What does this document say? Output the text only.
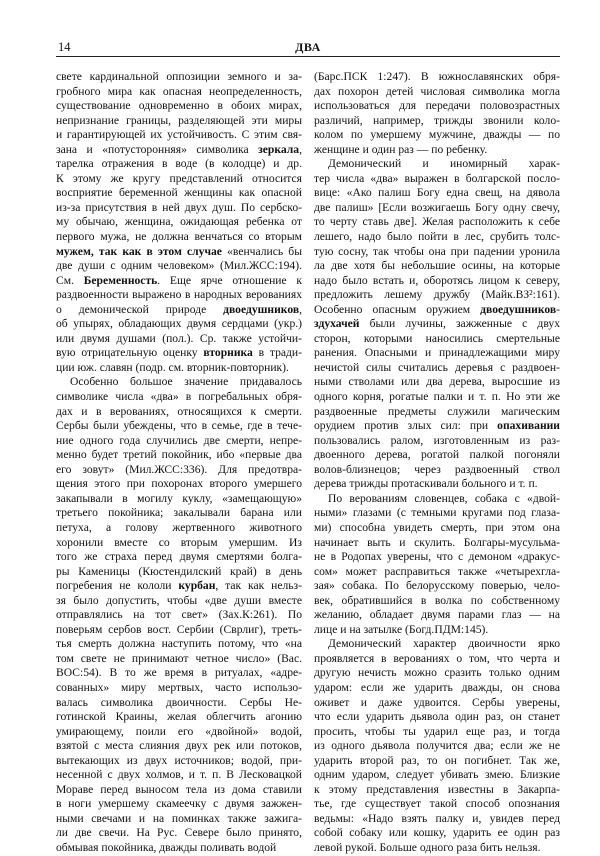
14	ДВА
свете кардинальной оппозиции земного и за-
гробного мира как опасная неопределенность,
существование одновременно в обоих мирах,
непризнание границы, разделяющей эти миры
и гарантирующей их устойчивость. С этим свя-
зана и «потусторонняя» символика зеркала,
тарелка отражения в воде (в колодце) и др.
К этому же кругу представлений относится
восприятие беременной женщины как опасной
из-за присутствия в ней двух душ. По сербско-
му обычаю, женщина, ожидающая ребенка от
первого мужа, не должна венчаться со вторым
мужем, так как в этом случае «венчались бы
две души с одним человеком» (Мил.ЖСС:194).
См. Беременность. Еще ярче отношение к
раздвоенности выражено в народных верованиях
о демонической природе двоедушников,
об упырях, обладающих двумя сердцами (укр.)
или двумя душами (пол.). Ср. также устойчи-
вую отрицательную оценку вторника в тради-
ции юж. славян (подр. см. вторник-повторник).
Особенно большое значение придавалось
символике числа «два» в погребальных обря-
дах и в верованиях, относящихся к смерти.
Сербы были убеждены, что в семье, где в тече-
ние одного года случились две смерти, непре-
менно будет третий покойник, ибо «первые два
его зовут» (Мил.ЖСС:336). Для предотвра-
щения этого при похоронах второго умершего
закапывали в могилу куклу, «замещающую»
третьего покойника; закалывали барана или
петуха, а голову жертвенного животного
хоронили вместе со вторым умершим. Из
того же страха перед двумя смертями болга-
ры Каменицы (Кюстендилский край) в день
погребения не кололи курбан, так как нельз-
зя было допустить, чтобы «две души вместе
отправлялись на тот свет» (Зах.К:261). По
поверьям сербов вост. Сербии (Сврлиг), треть-
тья смерть должна наступить потому, что «на
том свете не принимают четное число» (Вас.
ВОС:54). В то же время в ритуалах, «адре-
сованных» миру мертвых, часто использо-
валась символика двоичности. Сербы Не-
готинской Краины, желая облегчить агонию
умирающему, поили его «двойной» водой,
взятой с места слияния двух рек или потоков,
вытекающих из двух источников; водой, при-
несенной с двух холмов, и т. п. В Лесковацкой
Мораве перед выносом тела из дома ставили
в ноги умершему скамеечку с двумя зажжен-
ными свечами и на поминках также зажига-
ли две свечи. На Рус. Севере было принято,
обмывая покойника, дважды поливать водой
(Барс.ПСК 1:247). В южнославянских обря-
дах похорон детей числовая символика могла
использоваться для передачи половозрастных
различий, например, трижды звонили коло-
колом по умершему мужчине, дважды — по
женщине и один раз — по ребенку.
Демонический и иномирный харак-
тер числа «два» выражен в болгарской посло-
вице: «Ако палиш Богу една свещ, на дявола
две палиш» [Если возжигаешь Богу одну свечу,
то черту ставь две]. Желая расположить к себе
лешего, надо было пойти в лес, срубить толс-
тую сосну, так чтобы она при падении уронила
ла две хотя бы небольшие осины, на которые
надо было встать и, оборотясь лицом к северу,
предложить лешему дружбу (Майк.ВЗ²:161).
Особенно опасным оружием двоедушников-
здухачей были лучины, зажженные с двух
сторон, которыми наносились смертельные
ранения. Опасными и принадлежащими миру
нечистой силы считались деревья с раздвоен-
ными стволами или два дерева, выросшие из
одного корня, рогатые палки и т. п. Но эти же
раздвоенные предметы служили магическим
орудием против злых сил: при опахивании
пользовались ралом, изготовленным из раз-
двоенного дерева, рогатой палкой погоняли
волов-близнецов; через раздвоенный ствол
дерева трижды протаскивали больного и т. п.
По верованиям словенцев, собака с «двой-
ными» глазами (с темными кругами под глаза-
ми) способна увидеть смерть, при этом она
начинает выть и скулить. Болгары-мусульма-
не в Родопах уверены, что с демоном «дракус-
сом» может расправиться также «четырехгла-
зая» собака. По белорусскому поверью, чело-
век, обратившийся в волка по собственному
желанию, обладает двумя парами глаз — на
лице и на затылке (Богд.ПДМ:145).
Демонический характер двоичности ярко
проявляется в верованиях о том, что черта и
другую нечисть можно сразить только одним
ударом: если же ударить дважды, он снова
оживет и даже удвоится. Сербы уверены,
что если ударить дьявола один раз, он станет
просить, чтобы ты ударил еще раз, и тогда
из одного дьявола получится два; если же не
ударить второй раз, то он погибнет. Так же,
одним ударом, следует убивать змею. Близкие
к этому представления известны в Закарпа-
тье, где существует такой способ опознания
ведьмы: «Надо взять палку и, увидев перед
собой собаку или кошку, ударить ее один раз
левой рукой. Больше одного раза бить нельзя.
